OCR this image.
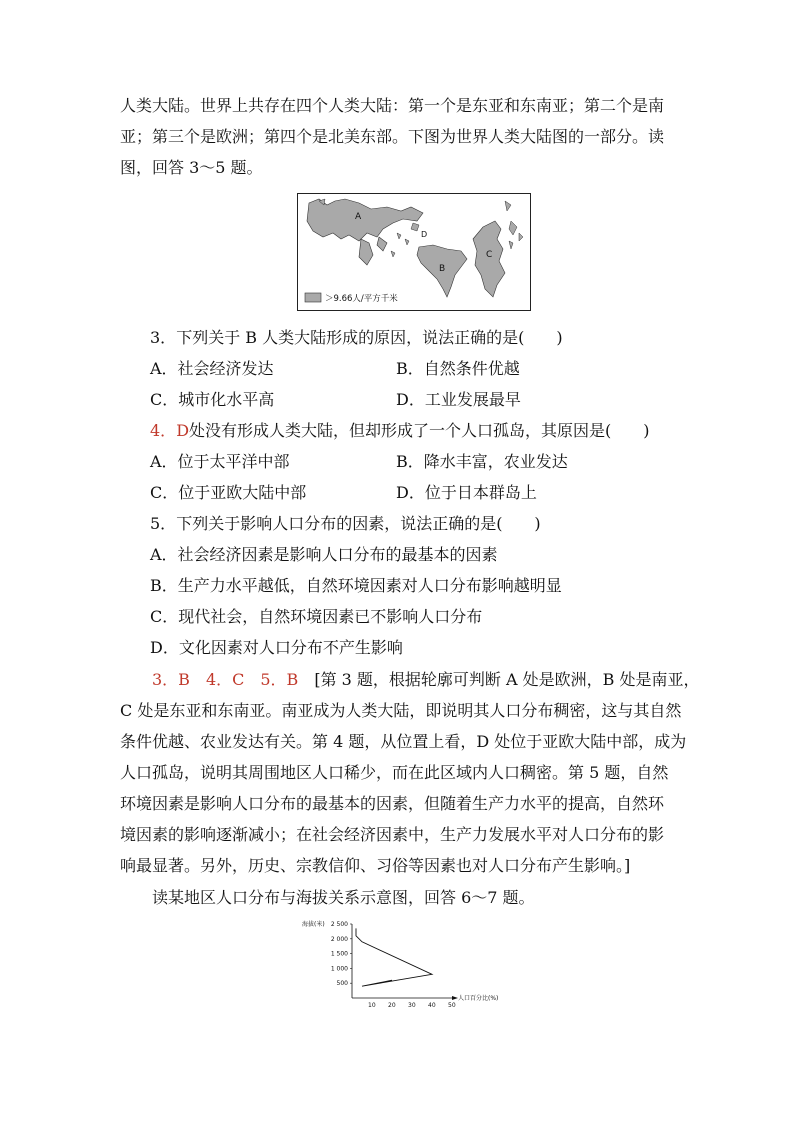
人类大陆。世界上共存在四个人类大陆：第一个是东亚和东南亚；第二个是南
亚；第三个是欧洲；第四个是北美东部。下图为世界人类大陆图的一部分。读
图，回答 3～5 题。
A
B
C
D
＞9.66人/平方千米
3．下列关于 B 人类大陆形成的原因，说法正确的是(　　)
A．社会经济发达	B．自然条件优越
C．城市化水平高	D．工业发展最早
4．D处没有形成人类大陆，但却形成了一个人口孤岛，其原因是(　　)
A．位于太平洋中部	B．降水丰富，农业发达
C．位于亚欧大陆中部	D．位于日本群岛上
5．下列关于影响人口分布的因素，说法正确的是(　　)
A．社会经济因素是影响人口分布的最基本的因素
B．生产力水平越低，自然环境因素对人口分布影响越明显
C．现代社会，自然环境因素已不影响人口分布
D．文化因素对人口分布不产生影响
3．B　4．C　5．B　 [第 3 题，根据轮廓可判断 A 处是欧洲，B 处是南亚，
C 处是东亚和东南亚。南亚成为人类大陆，即说明其人口分布稠密，这与其自然
条件优越、农业发达有关。第 4 题，从位置上看，D 处位于亚欧大陆中部，成为
人口孤岛，说明其周围地区人口稀少，而在此区域内人口稠密。第 5 题，自然
环境因素是影响人口分布的最基本的因素，但随着生产力水平的提高，自然环
境因素的影响逐渐减小；在社会经济因素中，生产力发展水平对人口分布的影
响最显著。另外，历史、宗教信仰、习俗等因素也对人口分布产生影响。]
读某地区人口分布与海拔关系示意图，回答 6～7 题。
海拔(米)
人口百分比(%)
10 20 30 40 50
500
1 000
1 500
2 000
2 500
